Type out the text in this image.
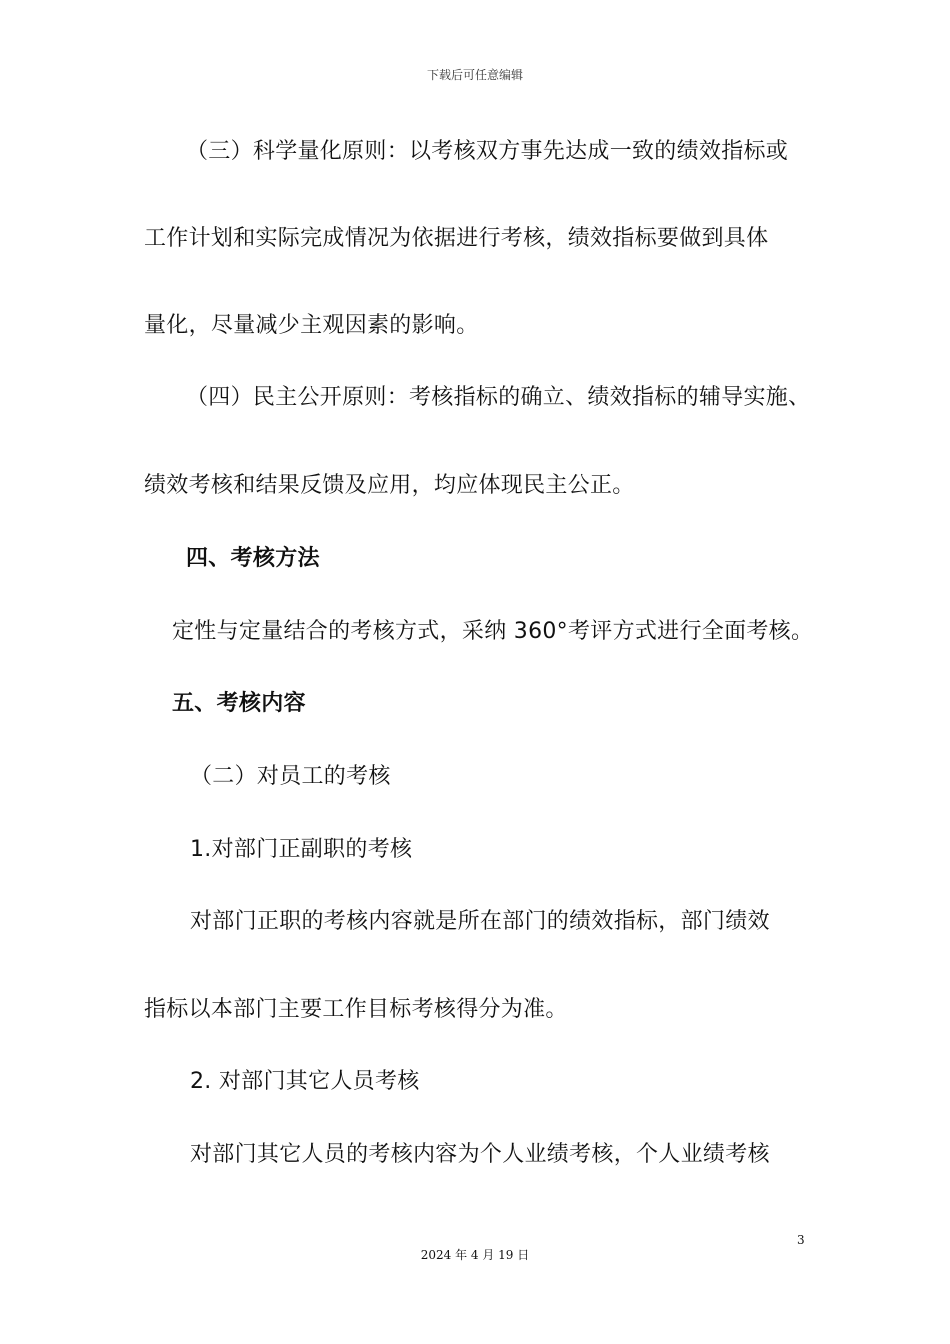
下载后可任意编辑
（三）科学量化原则：以考核双方事先达成一致的绩效指标或
工作计划和实际完成情况为依据进行考核，绩效指标要做到具体
量化，尽量减少主观因素的影响。
（四）民主公开原则：考核指标的确立、绩效指标的辅导实施、
绩效考核和结果反馈及应用，均应体现民主公正。
四、考核方法
定性与定量结合的考核方式，采纳 360°考评方式进行全面考核。
五、考核内容
（二）对员工的考核
1.对部门正副职的考核
对部门正职的考核内容就是所在部门的绩效指标，部门绩效
指标以本部门主要工作目标考核得分为准。
2. 对部门其它人员考核
对部门其它人员的考核内容为个人业绩考核，个人业绩考核
3
2024 年 4 月 19 日
